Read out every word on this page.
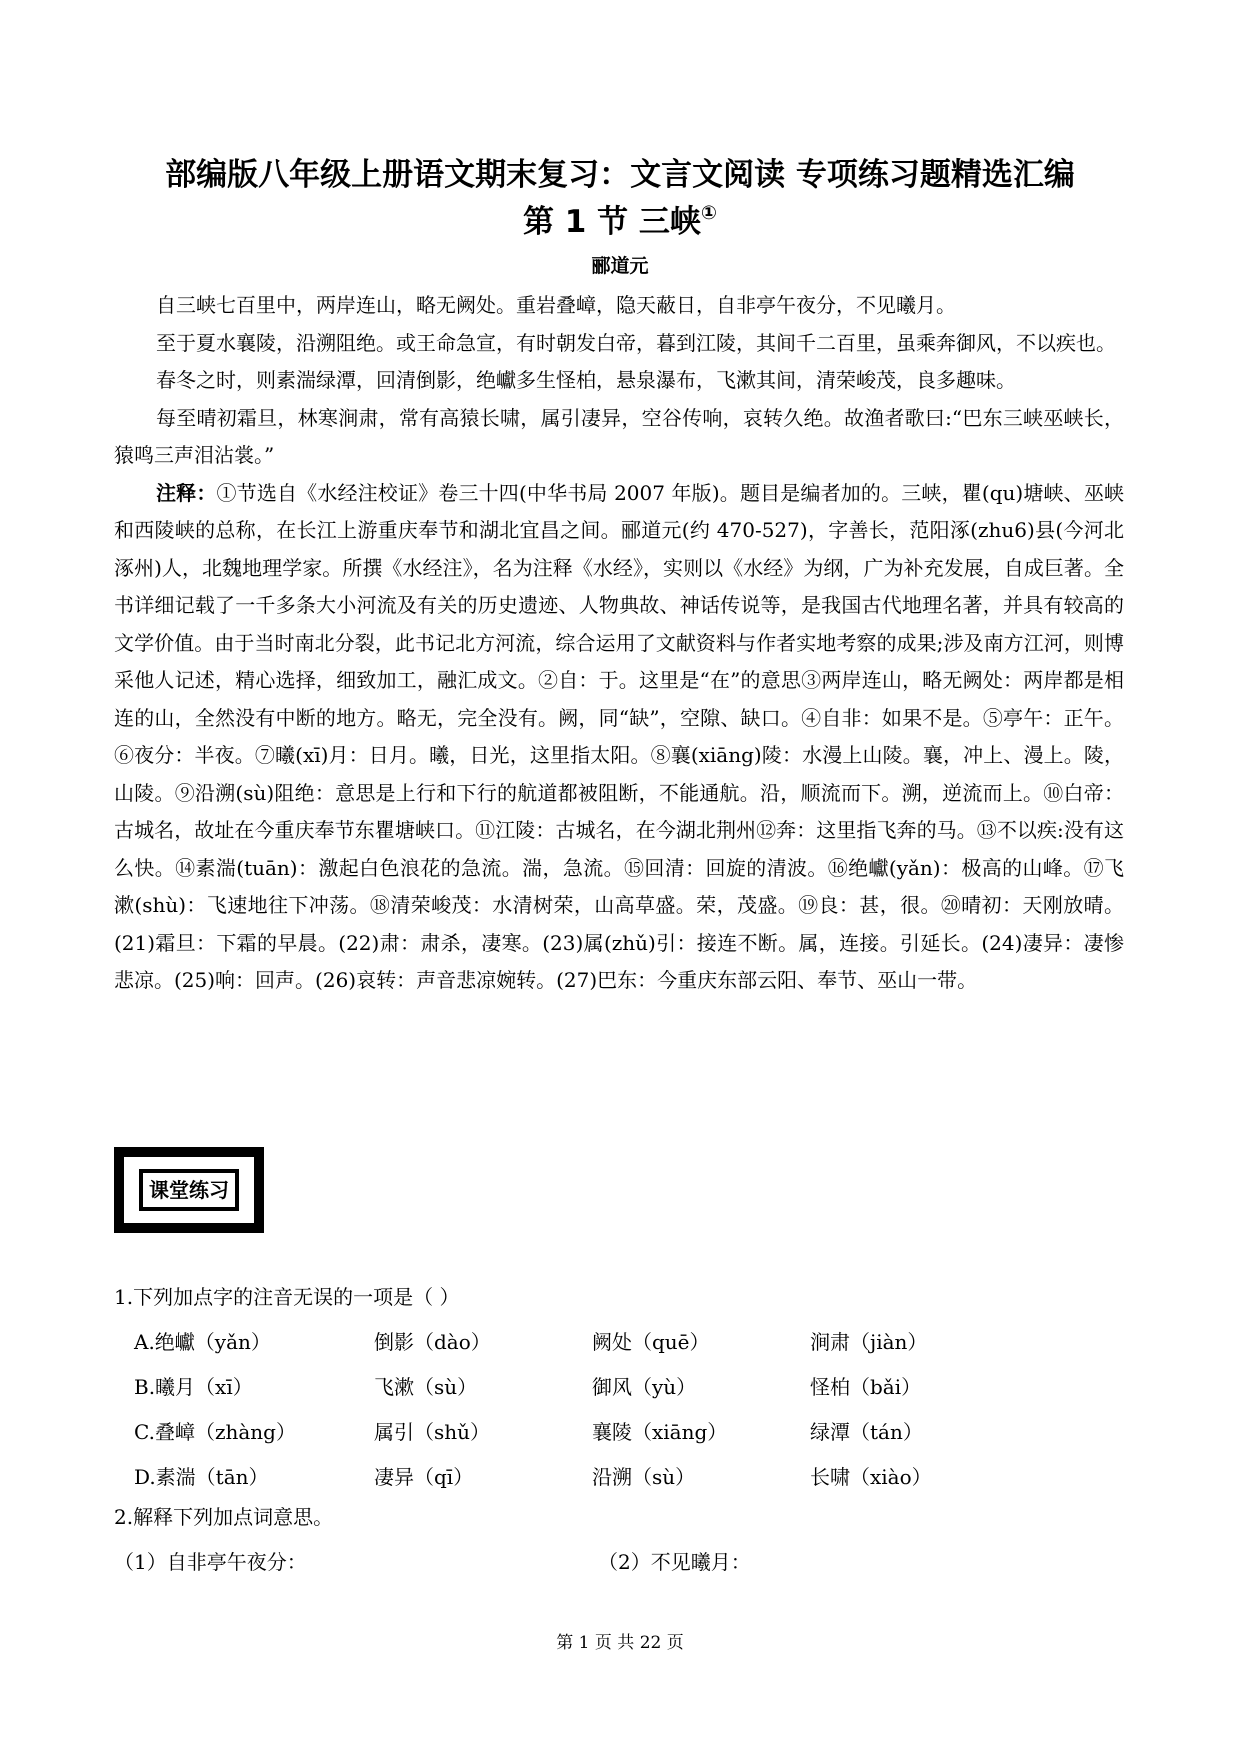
部编版八年级上册语文期末复习：文言文阅读 专项练习题精选汇编
第 1 节 三峡①
郦道元

自三峡七百里中，两岸连山，略无阙处。重岩叠嶂，隐天蔽日，自非亭午夜分，不见曦月。

至于夏水襄陵，沿溯阻绝。或王命急宣，有时朝发白帝，暮到江陵，其间千二百里，虽乘奔御风，不以疾也。

春冬之时，则素湍绿潭，回清倒影，绝巘多生怪柏，悬泉瀑布，飞漱其间，清荣峻茂，良多趣味。

每至晴初霜旦，林寒涧肃，常有高猿长啸，属引凄异，空谷传响，哀转久绝。故渔者歌曰:“巴东三峡巫峡长，猿鸣三声泪沾裳。”

注释：①节选自《水经注校证》卷三十四(中华书局 2007 年版)。题目是编者加的。三峡，瞿(qu)塘峡、巫峡和西陵峡的总称，在长江上游重庆奉节和湖北宜昌之间。郦道元(约 470-527)，字善长，范阳涿(zhu6)县(今河北涿州)人，北魏地理学家。所撰《水经注》，名为注释《水经》，实则以《水经》为纲，广为补充发展，自成巨著。全书详细记载了一千多条大小河流及有关的历史遗迹、人物典故、神话传说等，是我国古代地理名著，并具有较高的文学价值。由于当时南北分裂，此书记北方河流，综合运用了文献资料与作者实地考察的成果;涉及南方江河，则博采他人记述，精心选择，细致加工，融汇成文。②自：于。这里是“在”的意思③两岸连山，略无阙处：两岸都是相连的山，全然没有中断的地方。略无，完全没有。阙，同“缺”，空隙、缺口。④自非：如果不是。⑤亭午：正午。⑥夜分：半夜。⑦曦(xī)月：日月。曦，日光，这里指太阳。⑧襄(xiāng)陵：水漫上山陵。襄，冲上、漫上。陵，山陵。⑨沿溯(sù)阻绝：意思是上行和下行的航道都被阻断，不能通航。沿，顺流而下。溯，逆流而上。⑩白帝：古城名，故址在今重庆奉节东瞿塘峡口。⑪江陵：古城名，在今湖北荆州⑫奔：这里指飞奔的马。⑬不以疾:没有这么快。⑭素湍(tuān)：激起白色浪花的急流。湍，急流。⑮回清：回旋的清波。⑯绝巘(yǎn)：极高的山峰。⑰飞漱(shù)：飞速地往下冲荡。⑱清荣峻茂：水清树荣，山高草盛。荣，茂盛。⑲良：甚，很。⑳晴初：天刚放晴。(21)霜旦：下霜的早晨。(22)肃：肃杀，凄寒。(23)属(zhǔ)引：接连不断。属，连接。引延长。(24)凄异：凄惨悲凉。(25)响：回声。(26)哀转：声音悲凉婉转。(27)巴东：今重庆东部云阳、奉节、巫山一带。

课堂练习
1.下列加点字的注音无误的一项是（ ）
A.绝巘（yǎn）	倒影（dào）	阙处（quē）	涧肃（jiàn）
B.曦月（xī）	飞漱（sù）	御风（yù）	怪柏（bǎi）
C.叠嶂（zhàng）	属引（shǔ）	襄陵（xiāng）	绿潭（tán）
D.素湍（tān）	凄异（qī）	沿溯（sù）	长啸（xiào）
2.解释下列加点词意思。
（1）自非亭午夜分：	（2）不见曦月：
第 1 页 共 22 页
